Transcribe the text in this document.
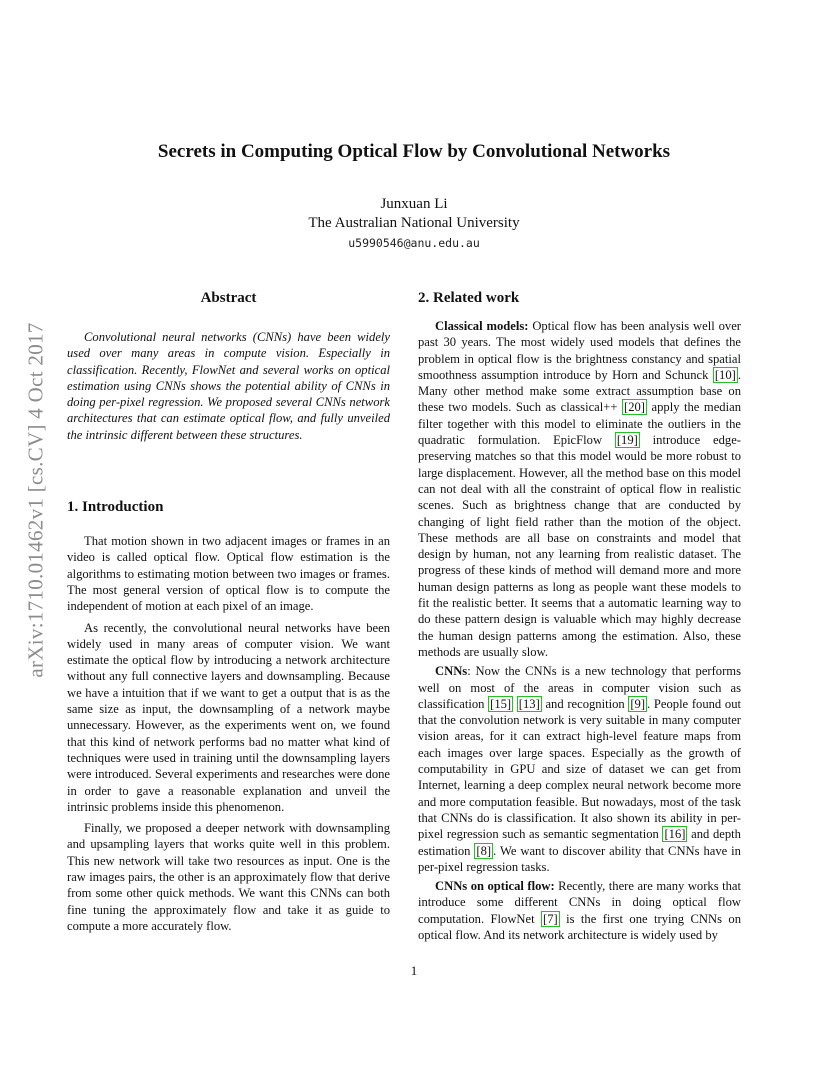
arXiv:1710.01462v1 [cs.CV] 4 Oct 2017
Secrets in Computing Optical Flow by Convolutional Networks
Junxuan Li
The Australian National University
u5990546@anu.edu.au
Abstract

Convolutional neural networks (CNNs) have been widely used over many areas in compute vision. Especially in classification. Recently, FlowNet and several works on optical estimation using CNNs shows the potential ability of CNNs in doing per-pixel regression. We proposed several CNNs network architectures that can estimate optical flow, and fully unveiled the intrinsic different between these structures.

1. Introduction

That motion shown in two adjacent images or frames in an video is called optical flow. Optical flow estimation is the algorithms to estimating motion between two images or frames. The most general version of optical flow is to compute the independent of motion at each pixel of an image.

As recently, the convolutional neural networks have been widely used in many areas of computer vision. We want estimate the optical flow by introducing a network architecture without any full connective layers and downsampling. Because we have a intuition that if we want to get a output that is as the same size as input, the downsampling of a network maybe unnecessary. However, as the experiments went on, we found that this kind of network performs bad no matter what kind of techniques were used in training until the downsampling layers were introduced. Several experiments and researches were done in order to gave a reasonable explanation and unveil the intrinsic problems inside this phenomenon.

Finally, we proposed a deeper network with downsampling and upsampling layers that works quite well in this problem. This new network will take two resources as input. One is the raw images pairs, the other is an approximately flow that derive from some other quick methods. We want this CNNs can both fine tuning the approximately flow and take it as guide to compute a more accurately flow.

2. Related work

Classical models: Optical flow has been analysis well over past 30 years. The most widely used models that defines the problem in optical flow is the brightness constancy and spatial smoothness assumption introduce by Horn and Schunck [10] . Many other method make some extract assumption base on these two models. Such as classical++ [20] apply the median filter together with this model to eliminate the outliers in the quadratic formulation. EpicFlow [19] introduce edge-preserving matches so that this model would be more robust to large displacement. However, all the method base on this model can not deal with all the constraint of optical flow in realistic scenes. Such as brightness change that are conducted by changing of light field rather than the motion of the object. These methods are all base on constraints and model that design by human, not any learning from realistic dataset. The progress of these kinds of method will demand more and more human design patterns as long as people want these models to fit the realistic better. It seems that a automatic learning way to do these pattern design is valuable which may highly decrease the human design patterns among the estimation. Also, these methods are usually slow.

CNNs: Now the CNNs is a new technology that performs well on most of the areas in computer vision such as classification [15] [13] and recognition [9] . People found out that the convolution network is very suitable in many computer vision areas, for it can extract high-level feature maps from each images over large spaces. Especially as the growth of computability in GPU and size of dataset we can get from Internet, learning a deep complex neural network become more and more computation feasible. But nowadays, most of the task that CNNs do is classification. It also shown its ability in per-pixel regression such as semantic segmentation [16] and depth estimation [8] . We want to discover ability that CNNs have in per-pixel regression tasks.

CNNs on optical flow: Recently, there are many works that introduce some different CNNs in doing optical flow computation. FlowNet [7] is the first one trying CNNs on optical flow. And its network architecture is widely used by

1
